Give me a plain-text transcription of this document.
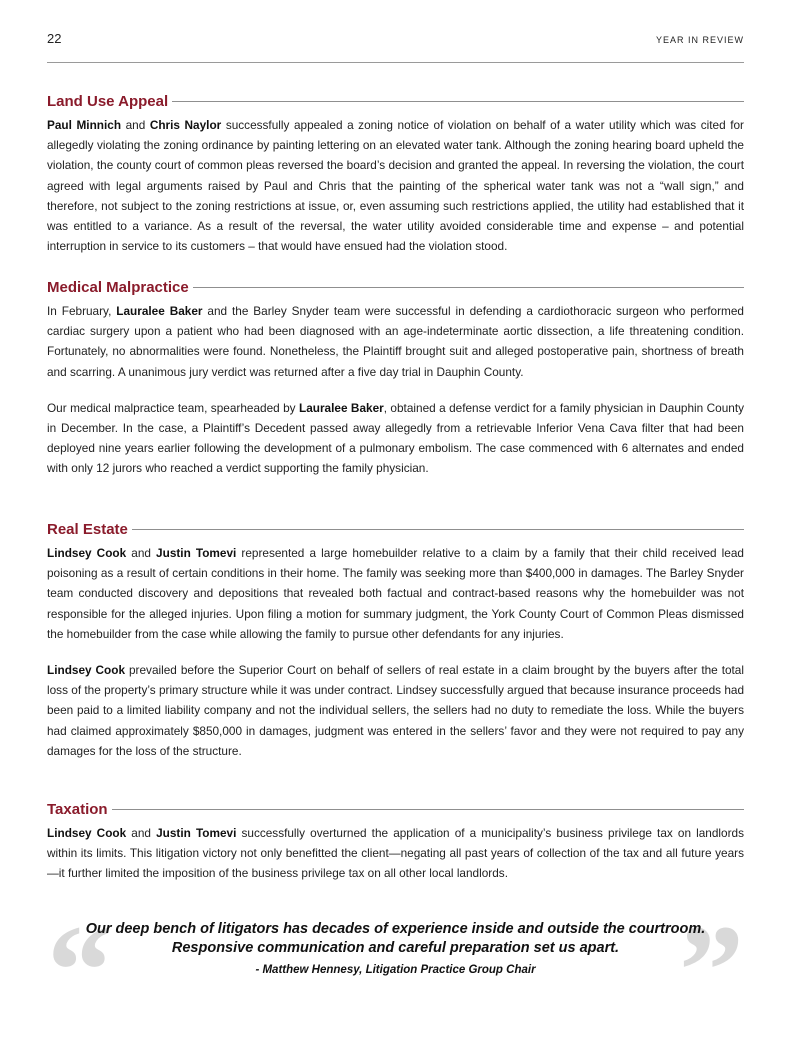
22	YEAR IN REVIEW
Land Use Appeal

Paul Minnich and Chris Naylor successfully appealed a zoning notice of violation on behalf of a water utility which was cited for allegedly violating the zoning ordinance by painting lettering on an elevated water tank. Although the zoning hearing board upheld the violation, the county court of common pleas reversed the board’s decision and granted the appeal. In reversing the violation, the court agreed with legal arguments raised by Paul and Chris that the painting of the spherical water tank was not a “wall sign,” and therefore, not subject to the zoning restrictions at issue, or, even assuming such restrictions applied, the utility had established that it was entitled to a variance. As a result of the reversal, the water utility avoided considerable time and expense – and potential interruption in service to its customers – that would have ensued had the violation stood.

Medical Malpractice

In February, Lauralee Baker and the Barley Snyder team were successful in defending a cardiothoracic surgeon who performed cardiac surgery upon a patient who had been diagnosed with an age-indeterminate aortic dissection, a life threatening condition. Fortunately, no abnormalities were found. Nonetheless, the Plaintiff brought suit and alleged postoperative pain, shortness of breath and scarring. A unanimous jury verdict was returned after a five day trial in Dauphin County.

Our medical malpractice team, spearheaded by Lauralee Baker, obtained a defense verdict for a family physician in Dauphin County in December. In the case, a Plaintiff’s Decedent passed away allegedly from a retrievable Inferior Vena Cava filter that had been deployed nine years earlier following the development of a pulmonary embolism. The case commenced with 6 alternates and ended with only 12 jurors who reached a verdict supporting the family physician.

Real Estate

Lindsey Cook and Justin Tomevi represented a large homebuilder relative to a claim by a family that their child received lead poisoning as a result of certain conditions in their home. The family was seeking more than $400,000 in damages. The Barley Snyder team conducted discovery and depositions that revealed both factual and contract-based reasons why the homebuilder was not responsible for the alleged injuries. Upon filing a motion for summary judgment, the York County Court of Common Pleas dismissed the homebuilder from the case while allowing the family to pursue other defendants for any injuries.

Lindsey Cook prevailed before the Superior Court on behalf of sellers of real estate in a claim brought by the buyers after the total loss of the property’s primary structure while it was under contract. Lindsey successfully argued that because insurance proceeds had been paid to a limited liability company and not the individual sellers, the sellers had no duty to remediate the loss. While the buyers had claimed approximately $850,000 in damages, judgment was entered in the sellers’ favor and they were not required to pay any damages for the loss of the structure.

Taxation

Lindsey Cook and Justin Tomevi successfully overturned the application of a municipality’s business privilege tax on landlords within its limits. This litigation victory not only benefitted the client—negating all past years of collection of the tax and all future years—it further limited the imposition of the business privilege tax on all other local landlords.

“	”
Our deep bench of litigators has decades of experience inside and outside the courtroom.
Responsive communication and careful preparation set us apart.
- Matthew Hennesy, Litigation Practice Group Chair
